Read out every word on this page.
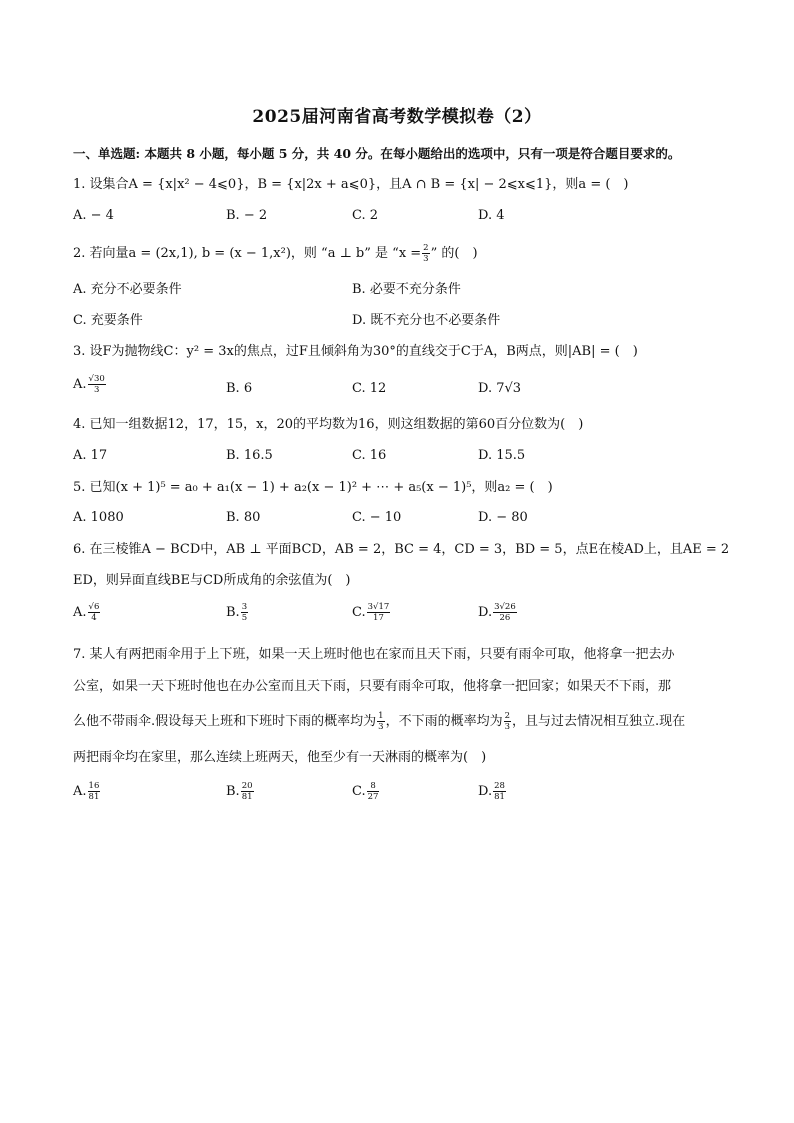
2025届河南省高考数学模拟卷（2）
一、单选题: 本题共 8 小题，每小题 5 分，共 40 分。在每小题给出的选项中，只有一项是符合题目要求的。
1. 设集合A = {x|x² − 4⩽0}，B = {x|2x + a⩽0}，且A ∩ B = {x| − 2⩽x⩽1}，则a = (　)
A. − 4	B. − 2	C. 2	D. 4
2. 若向量a = (2x,1), b = (x − 1,x²)，则 “a ⊥ b” 是 “$x = \frac{2}{3}$ ” 的(　)
A. 充分不必要条件	B. 必要不充分条件
C. 充要条件	D. 既不充分也不必要条件
3. 设F为抛物线C：y² = 3x的焦点，过F且倾斜角为30°的直线交于C于A，B两点，则|AB| = (　)
A. $\frac{√30}{3}$	B. 6	C. 12	D. 7√3
4. 已知一组数据12，17，15，x，20的平均数为16，则这组数据的第60百分位数为(　)
A. 17	B. 16.5	C. 16	D. 15.5
5. 已知(x + 1)⁵ = a₀ + a₁(x − 1) + a₂(x − 1)² + ⋯ + a₅(x − 1)⁵，则a₂ = (　)
A. 1080	B. 80	C. − 10	D. − 80
6. 在三棱锥A − BCD中，AB ⊥ 平面BCD，AB = 2，BC = 4，CD = 3，BD = 5，点E在棱AD上，且AE = 2
ED，则异面直线BE与CD所成角的余弦值为(　)
A. $\frac{√6}{4}$	B. $\frac{3}{5}$	C. $\frac{3√17}{17}$	D. $\frac{3√26}{26}$
7. 某人有两把雨伞用于上下班，如果一天上班时他也在家而且天下雨，只要有雨伞可取，他将拿一把去办
公室，如果一天下班时他也在办公室而且天下雨，只要有雨伞可取，他将拿一把回家；如果天不下雨，那
么他不带雨伞.假设每天上班和下班时下雨的概率均为 $\frac{1}{3}$ ，不下雨的概率均为 $\frac{2}{3}$ ，且与过去情况相互独立.现在
两把雨伞均在家里，那么连续上班两天，他至少有一天淋雨的概率为(　)
A. $\frac{16}{81}$	B. $\frac{20}{81}$	C. $\frac{8}{27}$	D. $\frac{28}{81}$
